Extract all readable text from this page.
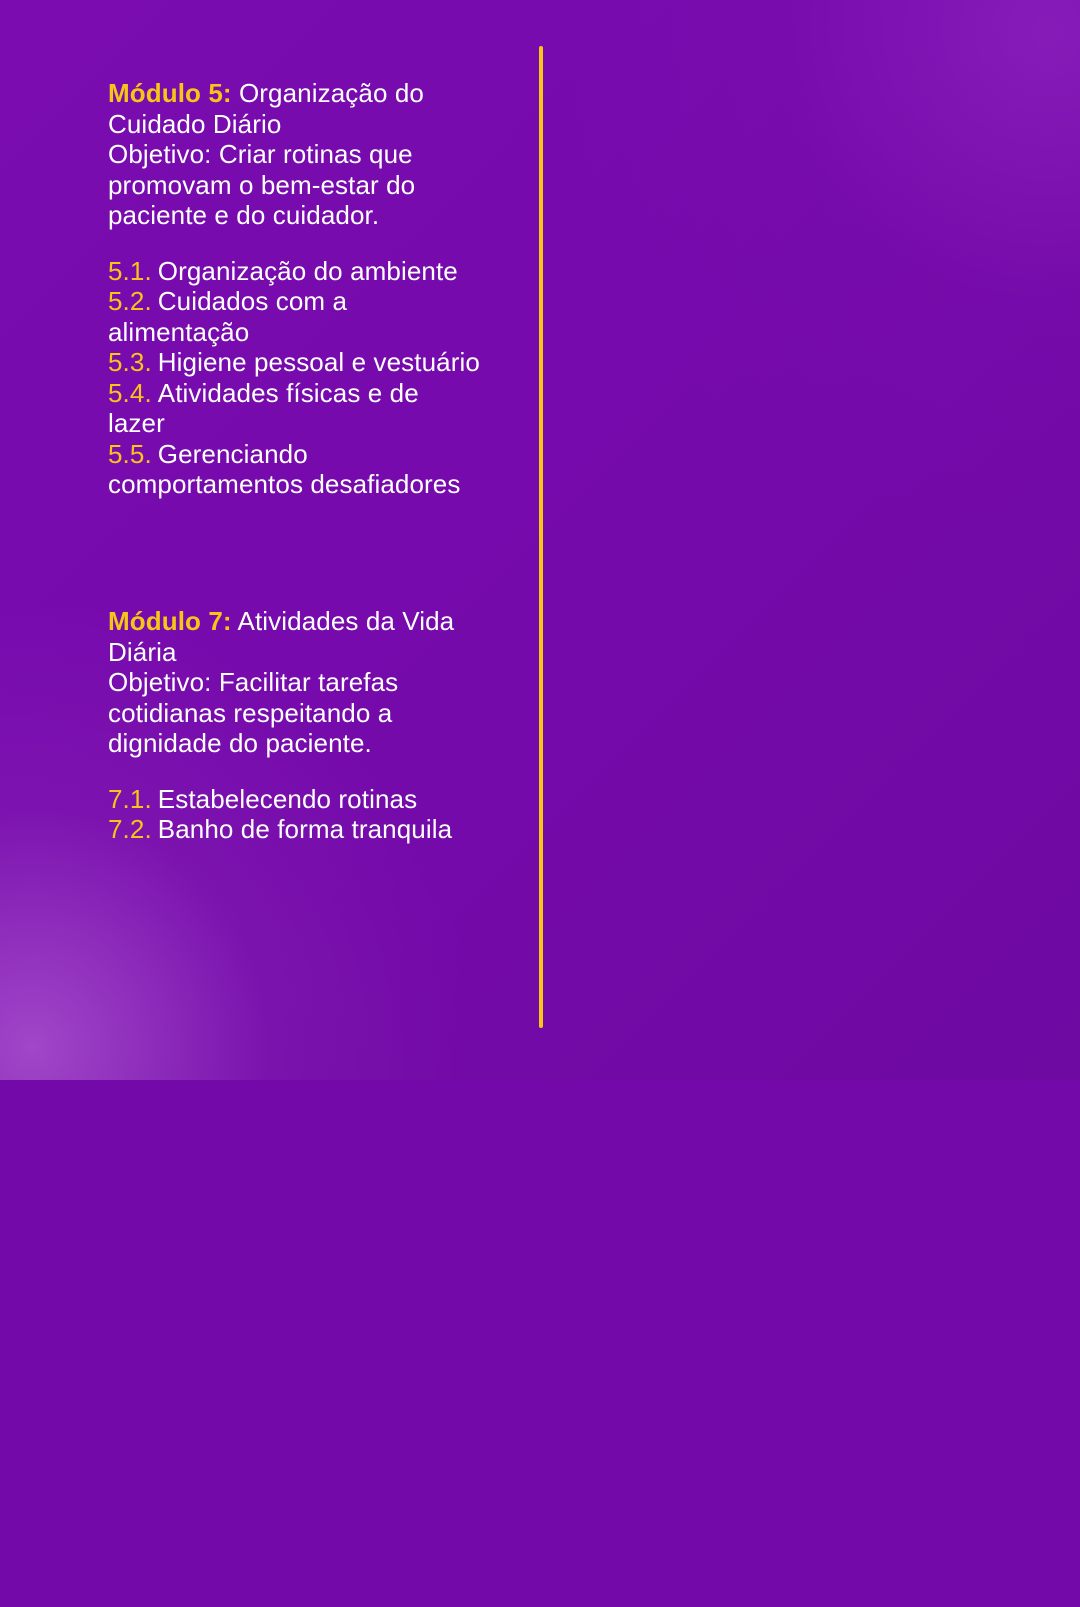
Módulo 5: Organização do Cuidado Diário

Objetivo: Criar rotinas que promovam o bem-estar do paciente e do cuidador.

5.1. Organização do ambiente
5.2. Cuidados com a alimentação
5.3. Higiene pessoal e vestuário
5.4. Atividades físicas e de lazer
5.5. Gerenciando comportamentos desafiadores

Módulo 7: Atividades da Vida Diária

Objetivo: Facilitar tarefas cotidianas respeitando a dignidade do paciente.

7.1. Estabelecendo rotinas
7.2. Banho de forma tranquila
